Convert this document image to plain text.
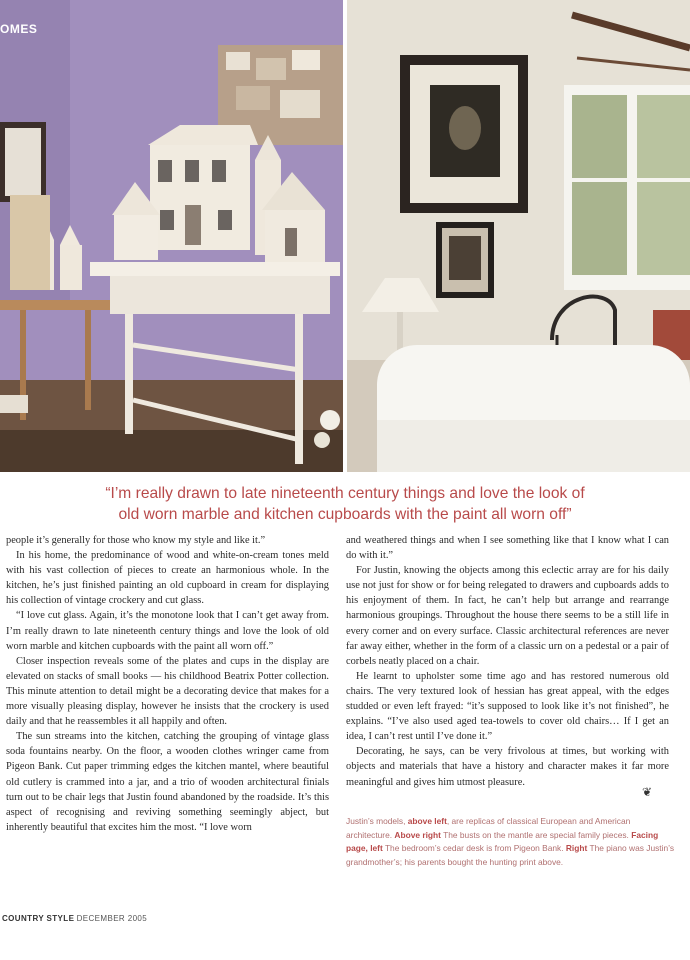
OMES
“I’m really drawn to late nineteenth century things and love the look of
old worn marble and kitchen cupboards with the paint all worn off”

people it’s generally for those who know my style and like it.”

In his home, the predominance of wood and white-on-cream tones meld with his vast collection of pieces to create an harmonious whole. In the kitchen, he’s just finished painting an old cupboard in cream for displaying his collection of vintage crockery and cut glass.

“I love cut glass. Again, it’s the monotone look that I can’t get away from. I’m really drawn to late nineteenth century things and love the look of old worn marble and kitchen cupboards with the paint all worn off.”

Closer inspection reveals some of the plates and cups in the display are elevated on stacks of small books — his childhood Beatrix Potter collection. This minute attention to detail might be a decorating device that makes for a more visually pleasing display, however he insists that the crockery is used daily and that he reassembles it all happily and often.

The sun streams into the kitchen, catching the grouping of vintage glass soda fountains nearby. On the floor, a wooden clothes wringer came from Pigeon Bank. Cut paper trimming edges the kitchen mantel, where beautiful old cutlery is crammed into a jar, and a trio of wooden architectural finials turn out to be chair legs that Justin found abandoned by the roadside. It’s this aspect of recognising and reviving something seemingly abject, but inherently beautiful that excites him the most. “I love worn

and weathered things and when I see something like that I know what I can do with it.”

For Justin, knowing the objects among this eclectic array are for his daily use not just for show or for being relegated to drawers and cupboards adds to his enjoyment of them. In fact, he can’t help but arrange and rearrange harmonious groupings. Throughout the house there seems to be a still life in every corner and on every surface. Classic architectural references are never far away either, whether in the form of a classic urn on a pedestal or a pair of corbels neatly placed on a chair.

He learnt to upholster some time ago and has restored numerous old chairs. The very textured look of hessian has great appeal, with the edges studded or even left frayed: “it’s supposed to look like it’s not finished”, he explains. “I’ve also used aged tea-towels to cover old chairs… If I get an idea, I can’t rest until I’ve done it.”

Decorating, he says, can be very frivolous at times, but working with objects and materials that have a history and character makes it far more meaningful and gives him utmost pleasure.

❦
Justin’s models, above left, are replicas of classical European and American architecture. Above right The busts on the mantle are special family pieces. Facing page, left The bedroom’s cedar desk is from Pigeon Bank. Right The piano was Justin’s grandmother’s; his parents bought the hunting print above.
COUNTRY STYLE DECEMBER 2005
